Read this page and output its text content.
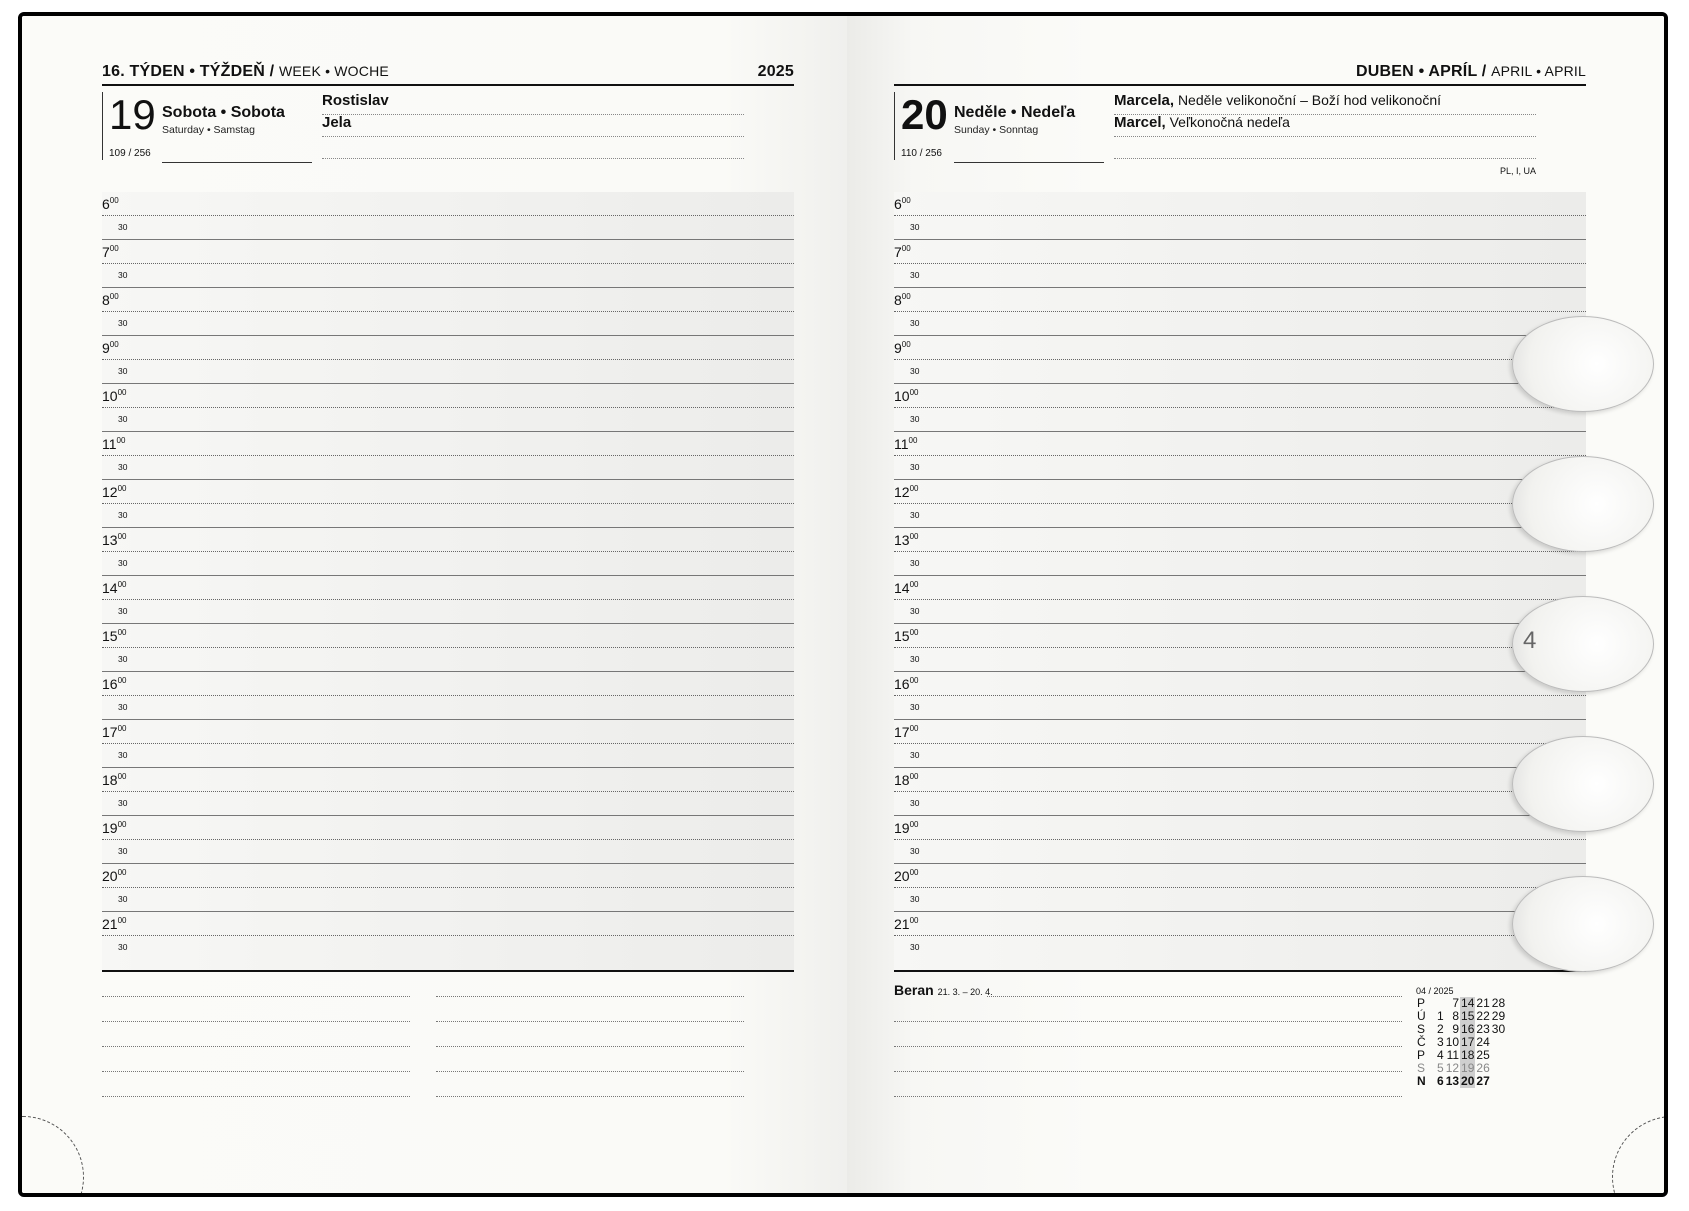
16. TÝDEN • TÝŽDEŇ / WEEK • WOCHE	2025
19
109 / 256
Sobota • Sobota
Saturday • Samstag
Rostislav
Jela
$6^{00}$
30
$7^{00}$
30
$8^{00}$
30
$9^{00}$
30
$10^{00}$
30
$11^{00}$
30
$12^{00}$
30
$13^{00}$
30
$14^{00}$
30
$15^{00}$
30
$16^{00}$
30
$17^{00}$
30
$18^{00}$
30
$19^{00}$
30
$20^{00}$
30
$21^{00}$
30
DUBEN • APRÍL / APRIL • APRIL
20
110 / 256
Neděle • Nedeľa
Sunday • Sonntag
Marcela, Neděle velikonoční – Boží hod velikonoční
Marcel, Veľkonočná nedeľa
PL, I, UA
$6^{00}$
30
$7^{00}$
30
$8^{00}$
30
$9^{00}$
30
$10^{00}$
30
$11^{00}$
30
$12^{00}$
30
$13^{00}$
30
$14^{00}$
30
$15^{00}$
30
$16^{00}$
30
$17^{00}$
30
$18^{00}$
30
$19^{00}$
30
$20^{00}$
30
$21^{00}$
30
Beran 21. 3. – 20. 4.	04 / 2025
P		7	14	21	28
Ú	1	8	15	22	29
S	2	9	16	23	30
Č	3	10	17	24	
P	4	11	18	25	
S	5	12	19	26	
N	6	13	20	27	
4
